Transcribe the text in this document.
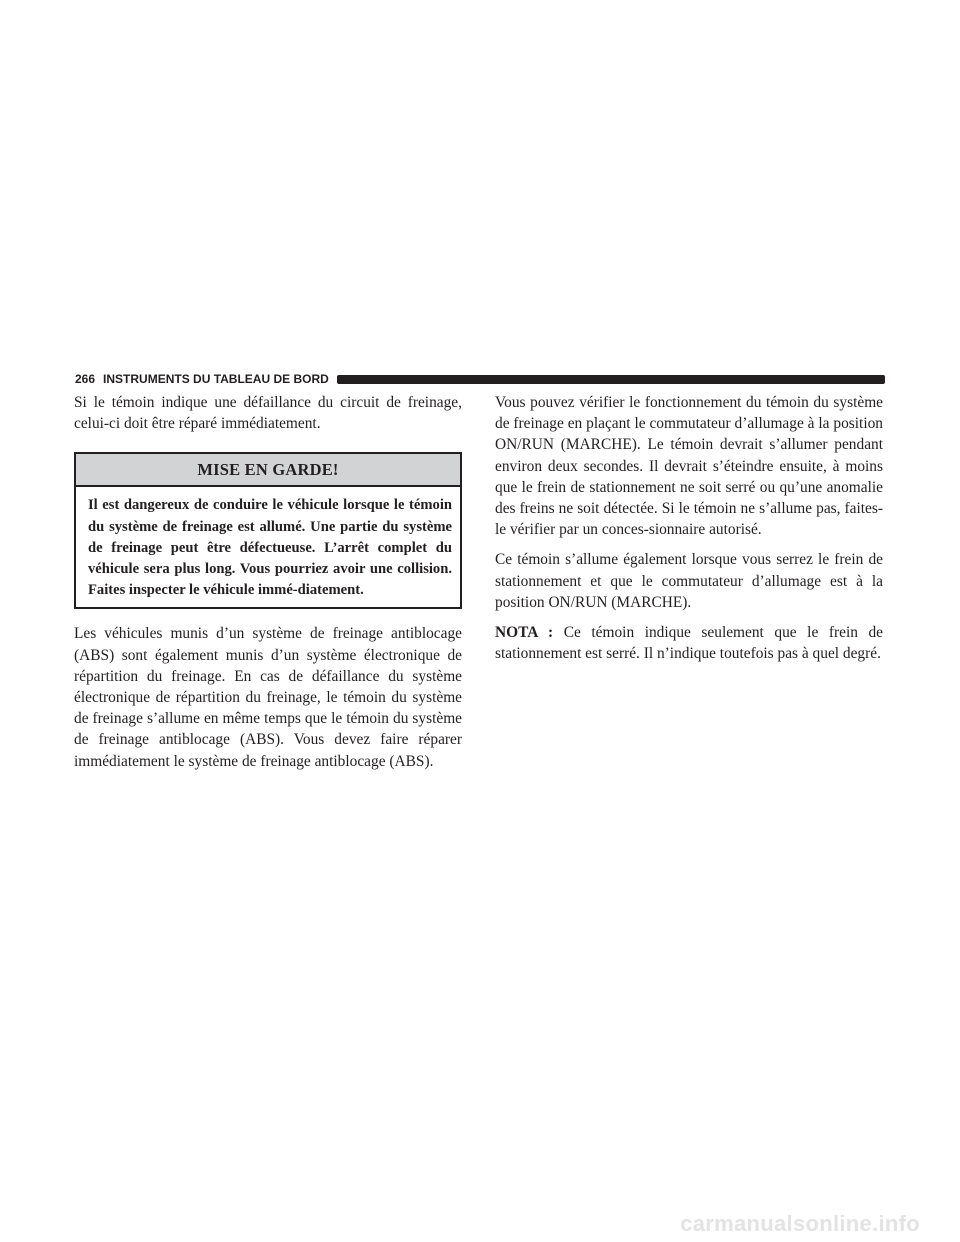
266 INSTRUMENTS DU TABLEAU DE BORD

Si le témoin indique une défaillance du circuit de freinage, celui-ci doit être réparé immédiatement.

MISE EN GARDE!
Il est dangereux de conduire le véhicule lorsque le témoin du système de freinage est allumé. Une partie du système de freinage peut être défectueuse. L’arrêt complet du véhicule sera plus long. Vous pourriez avoir une collision. Faites inspecter le véhicule immé-diatement.

Les véhicules munis d’un système de freinage antiblocage (ABS) sont également munis d’un système électronique de répartition du freinage. En cas de défaillance du système électronique de répartition du freinage, le témoin du système de freinage s’allume en même temps que le témoin du système de freinage antiblocage (ABS). Vous devez faire réparer immédiatement le système de freinage antiblocage (ABS).

Vous pouvez vérifier le fonctionnement du témoin du système de freinage en plaçant le commutateur d’allumage à la position ON/RUN (MARCHE). Le témoin devrait s’allumer pendant environ deux secondes. Il devrait s’éteindre ensuite, à moins que le frein de stationnement ne soit serré ou qu’une anomalie des freins ne soit détectée. Si le témoin ne s’allume pas, faites-le vérifier par un conces-sionnaire autorisé.

Ce témoin s’allume également lorsque vous serrez le frein de stationnement et que le commutateur d’allumage est à la position ON/RUN (MARCHE).

NOTA : Ce témoin indique seulement que le frein de stationnement est serré. Il n’indique toutefois pas à quel degré.

carmanualsonline.info
